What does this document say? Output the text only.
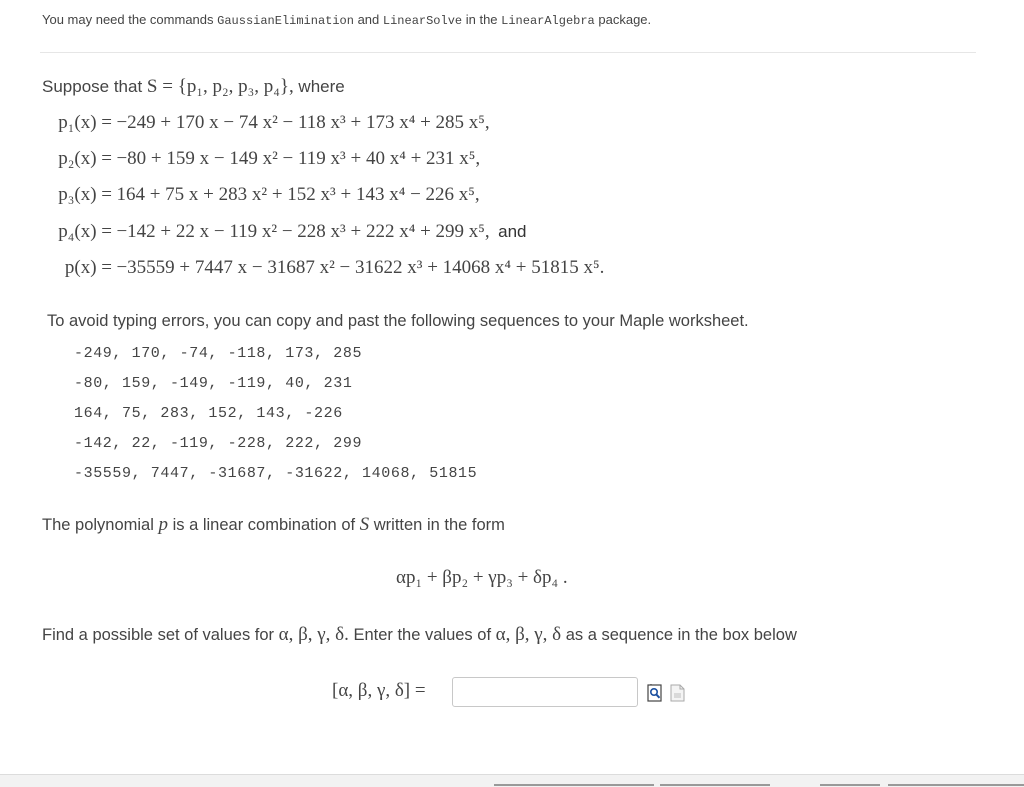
You may need the commands GaussianElimination and LinearSolve in the LinearAlgebra package.
Suppose that S = {p₁, p₂, p₃, p₄}, where
p₁(x) = −249 + 170 x − 74 x² − 118 x³ + 173 x⁴ + 285 x⁵,
p₂(x) = −80 + 159 x − 149 x² − 119 x³ + 40 x⁴ + 231 x⁵,
p₃(x) = 164 + 75 x + 283 x² + 152 x³ + 143 x⁴ − 226 x⁵,
p₄(x) = −142 + 22 x − 119 x² − 228 x³ + 222 x⁴ + 299 x⁵, and
p(x) = −35559 + 7447 x − 31687 x² − 31622 x³ + 14068 x⁴ + 51815 x⁵.
To avoid typing errors, you can copy and past the following sequences to your Maple worksheet.
-249, 170, -74, -118, 173, 285
-80, 159, -149, -119, 40, 231
164, 75, 283, 152, 143, -226
-142, 22, -119, -228, 222, 299
-35559, 7447, -31687, -31622, 14068, 51815
The polynomial p is a linear combination of S written in the form
αp₁ + βp₂ + γp₃ + δp₄ .
Find a possible set of values for α, β, γ, δ. Enter the values of α, β, γ, δ as a sequence in the box below
[α, β, γ, δ] =
